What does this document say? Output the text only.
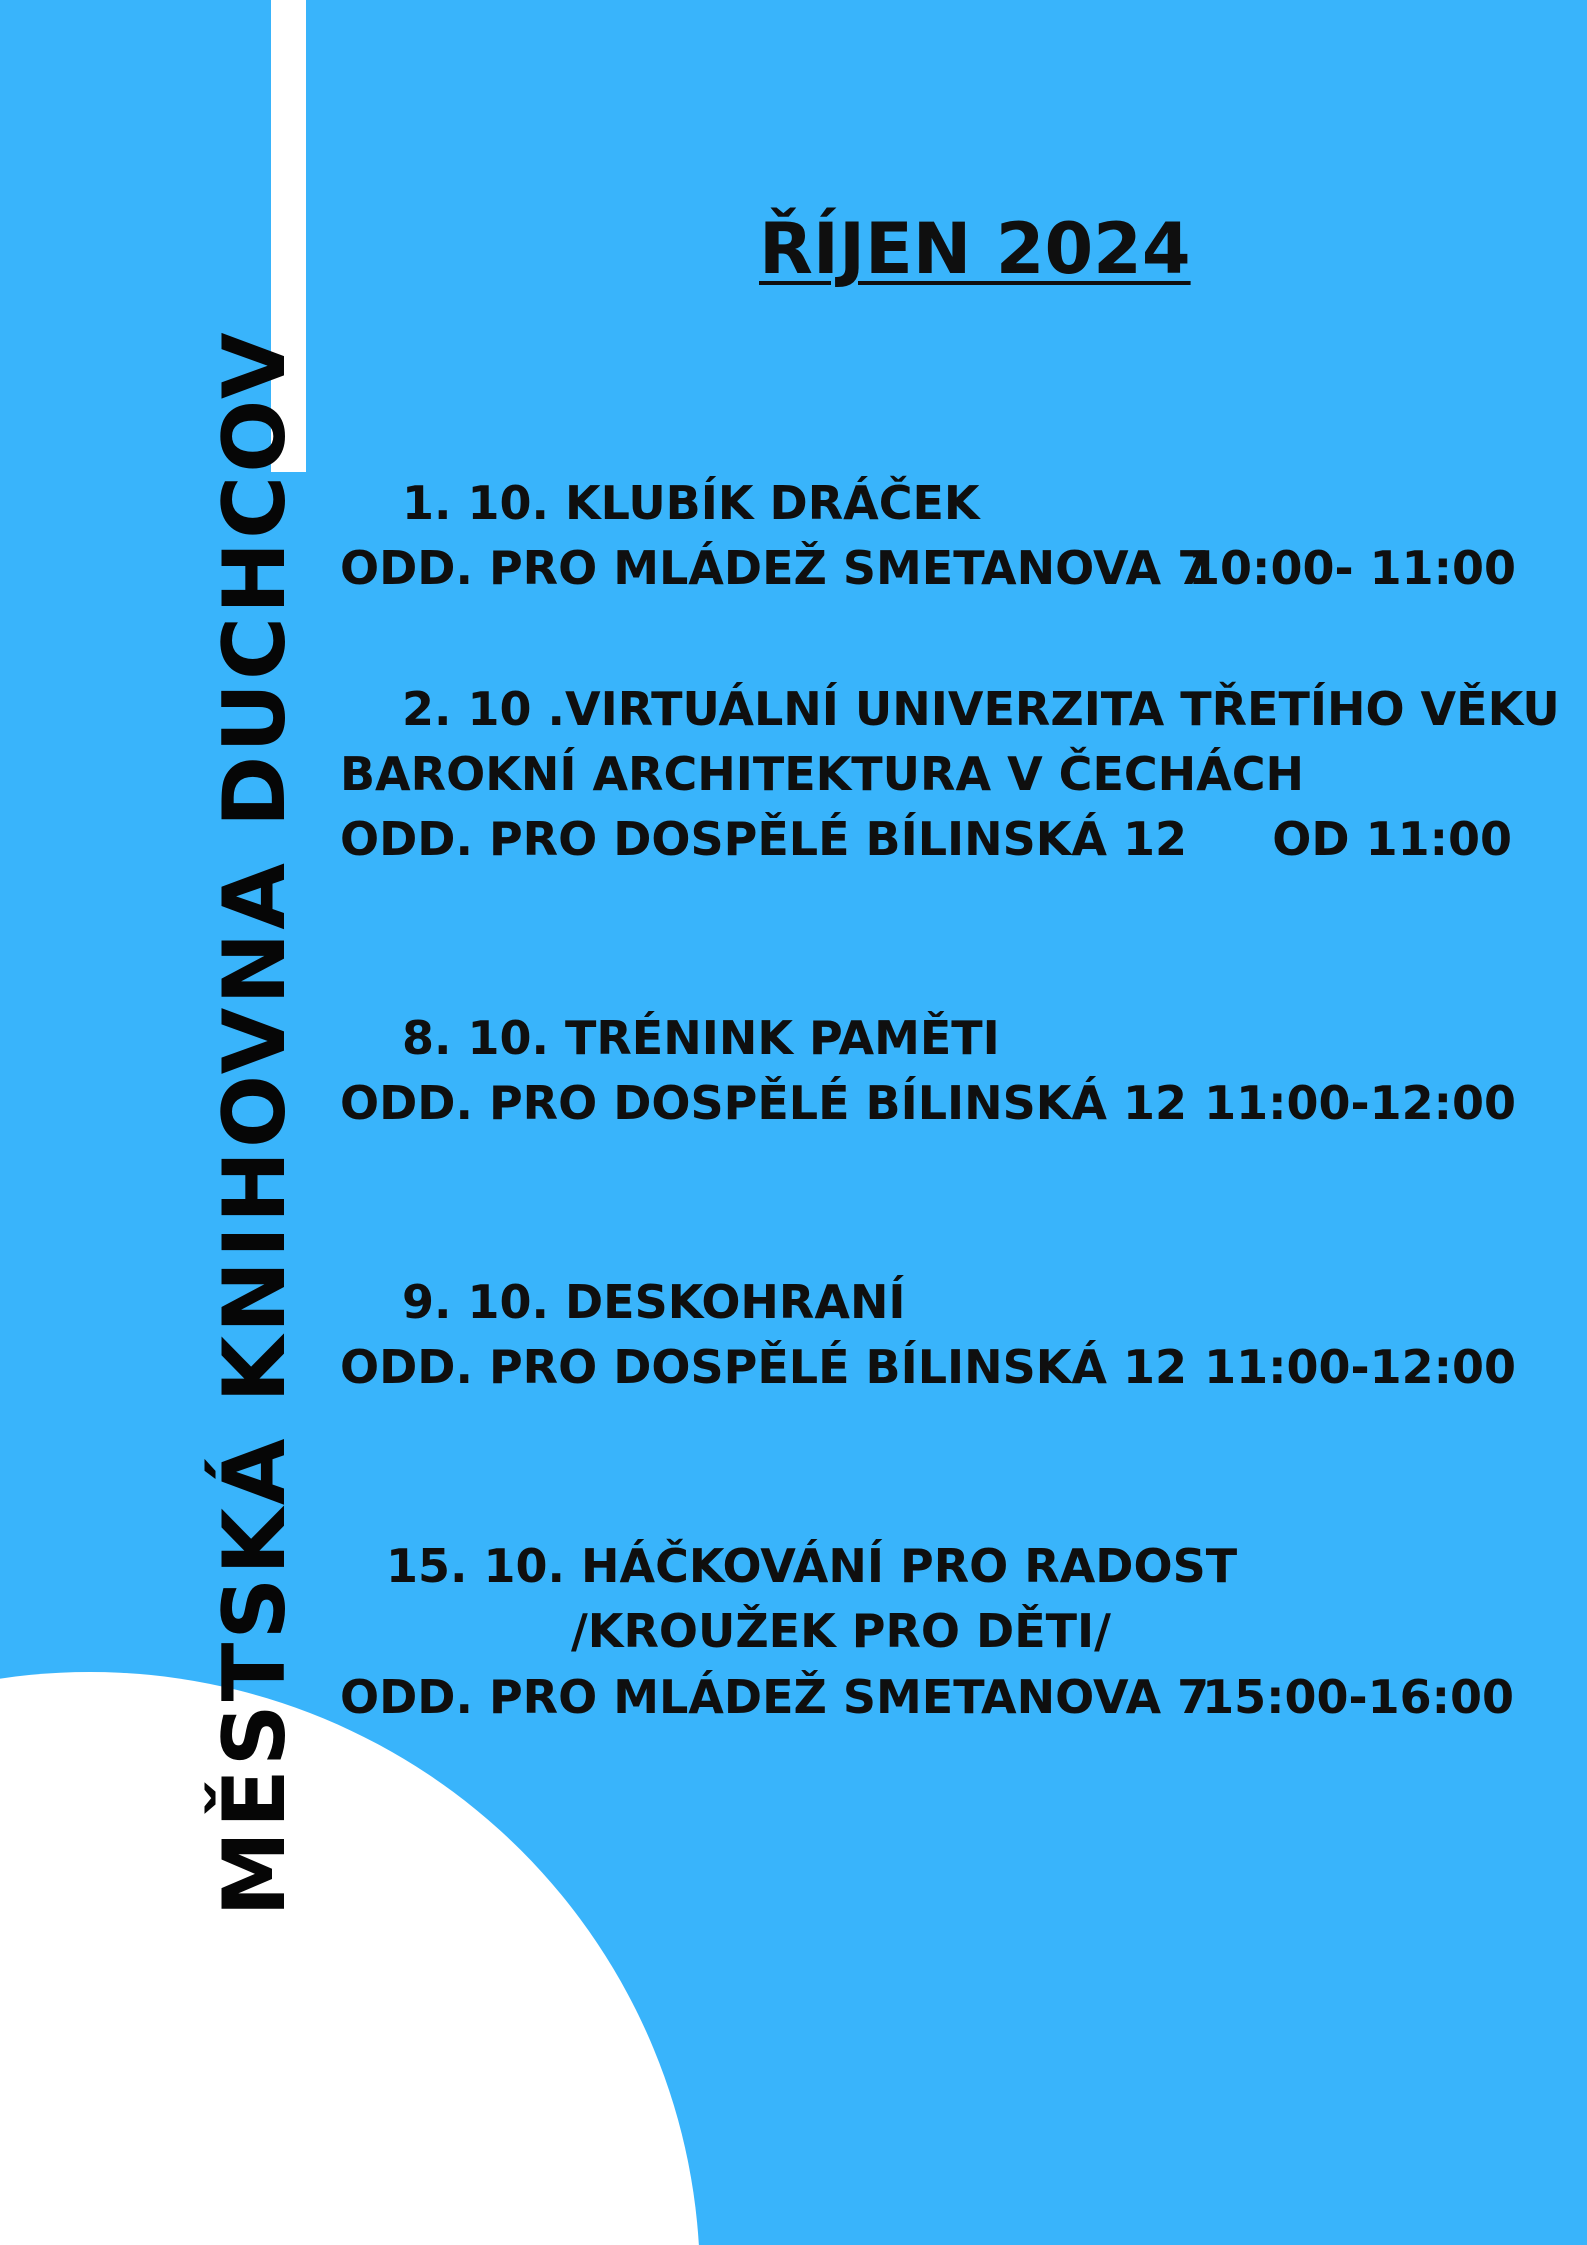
MĚSTSKÁ KNIHOVNA DUCHCOV
ŘÍJEN 2024
1. 10. KLUBÍK DRÁČEK
ODD. PRO MLÁDEŽ SMETANOVA 7
10:00- 11:00
2. 10 .VIRTUÁLNÍ UNIVERZITA TŘETÍHO VĚKU
BAROKNÍ ARCHITEKTURA V ČECHÁCH
ODD. PRO DOSPĚLÉ BÍLINSKÁ 12 OD 11:00
8. 10. TRÉNINK PAMĚTI
ODD. PRO DOSPĚLÉ BÍLINSKÁ 12 11:00-12:00
9. 10. DESKOHRANÍ
ODD. PRO DOSPĚLÉ BÍLINSKÁ 12 11:00-12:00
15. 10. HÁČKOVÁNÍ PRO RADOST
/KROUŽEK PRO DĚTI/
ODD. PRO MLÁDEŽ SMETANOVA 7
15:00-16:00
